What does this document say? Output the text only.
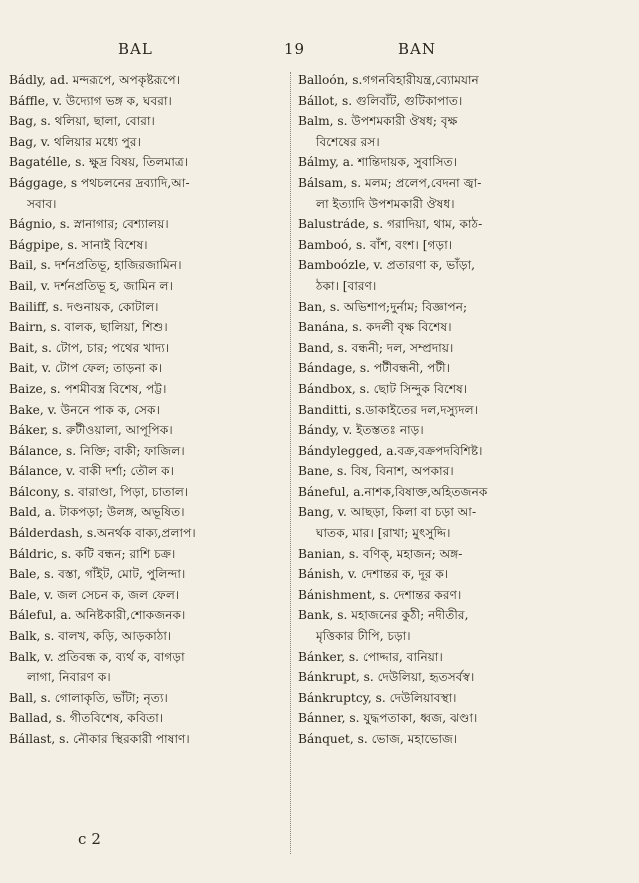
BAL	19	BAN
Bádly, ad. মন্দরূপে, অপকৃষ্টরূপে।
Báffle, v. উদ্যোগ ভঙ্গ ক, ঘবরা।
Bag, s. থলিয়া, ছালা, বোরা।
Bag, v. থলিয়ার মধ্যে পুর।
Bagatélle, s. ক্ষুদ্র বিষয়, তিলমাত্র।
Bággage, s পথচলনের দ্রব্যাদি,আ-
সবাব।
Bágnio, s. স্নানাগার; বেশ্যালয়।
Bágpipe, s. সানাই বিশেষ।
Bail, s. দর্শনপ্রতিভূ, হাজিরজামিন।
Bail, v. দর্শনপ্রতিভূ হ, জামিন ল।
Bailiff, s. দণ্ডনায়ক, কোটাল।
Bairn, s. বালক, ছালিয়া, শিশু।
Bait, s. টোপ, চার; পথের খাদ্য।
Bait, v. টোপ ফেল; তাড়না ক।
Baize, s. পশমীবস্ত্র বিশেষ, পট্ট।
Bake, v. উননে পাক ক, সেক।
Báker, s. রুটীওয়ালা, আপূপিক।
Bálance, s. নিক্তি; বাকী; ফাজিল।
Bálance, v. বাকী দর্শা; তৌল ক।
Bálcony, s. বারাণ্ডা, পিড়া, চাতাল।
Bald, a. টাকপড়া; উলঙ্গ, অভূষিত।
Bálderdash, s.অনর্থক বাক্য,প্রলাপ।
Báldric, s. কটি বন্ধন; রাশি চক্র।
Bale, s. বস্তা, গাঁইট, মোট, পুলিন্দা।
Bale, v. জল সেচন ক, জল ফেল।
Báleful, a. অনিষ্টকারী,শোকজনক।
Balk, s. বালখ, কড়ি, আড়কাঠা।
Balk, v. প্রতিবন্ধ ক, ব্যর্থ ক, বাগড়া
লাগা, নিবারণ ক।
Ball, s. গোলাকৃতি, ভাঁটা; নৃত্য।
Ballad, s. গীতবিশেষ, কবিতা।
Bállast, s. নৌকার স্থিরকারী পাষাণ।
Balloón, s.গগনবিহারীযন্ত্র,ব্যোমযান
Bállot, s. গুলিবাঁট, গুটিকাপাত।
Balm, s. উপশমকারী ঔষধ; বৃক্ষ
বিশেষের রস।
Bálmy, a. শান্তিদায়ক, সুবাসিত।
Bálsam, s. মলম; প্রলেপ,বেদনা জ্বা-
লা ইত্যাদি উপশমকারী ঔষধ।
Balustráde, s. গরাদিয়া, থাম, কাঠ-
Bamboó, s. বাঁশ, বংশ। [গড়া।
Bamboózle, v. প্রতারণা ক, ভাঁড়া,
ঠকা। [বারণ।
Ban, s. অভিশাপ;দুর্নাম; বিজ্ঞাপন;
Banána, s. কদলী বৃক্ষ বিশেষ।
Band, s. বন্ধনী; দল, সম্প্রদায়।
Bándage, s. পটীবন্ধনী, পটী।
Bándbox, s. ছোট সিন্দুক বিশেষ।
Banditti, s.ডাকাইতের দল,দস্যুদল।
Bándy, v. ইতস্ততঃ নাড়।
Bándylegged, a.বক্র,বক্রপদবিশিষ্ট।
Bane, s. বিষ, বিনাশ, অপকার।
Báneful, a.নাশক,বিষাক্ত,অহিতজনক
Bang, v. আছড়া, কিলা বা চড়া আ-
ঘাতক, মার। [রাখা; মুৎসুদ্দি।
Banian, s. বণিক্, মহাজন; অঙ্গ-
Bánish, v. দেশান্তর ক, দূর ক।
Bánishment, s. দেশান্তর করণ।
Bank, s. মহাজনের কুঠী; নদীতীর,
মৃত্তিকার ঢীপি, চড়া।
Bánker, s. পোদ্দার, বানিয়া।
Bánkrupt, s. দেউলিয়া, হৃতসর্বস্ব।
Bánkruptcy, s. দেউলিয়াবস্থা।
Bánner, s. যুদ্ধপতাকা, ধ্বজ, ঝণ্ডা।
Bánquet, s. ভোজ, মহাভোজ।
c 2
